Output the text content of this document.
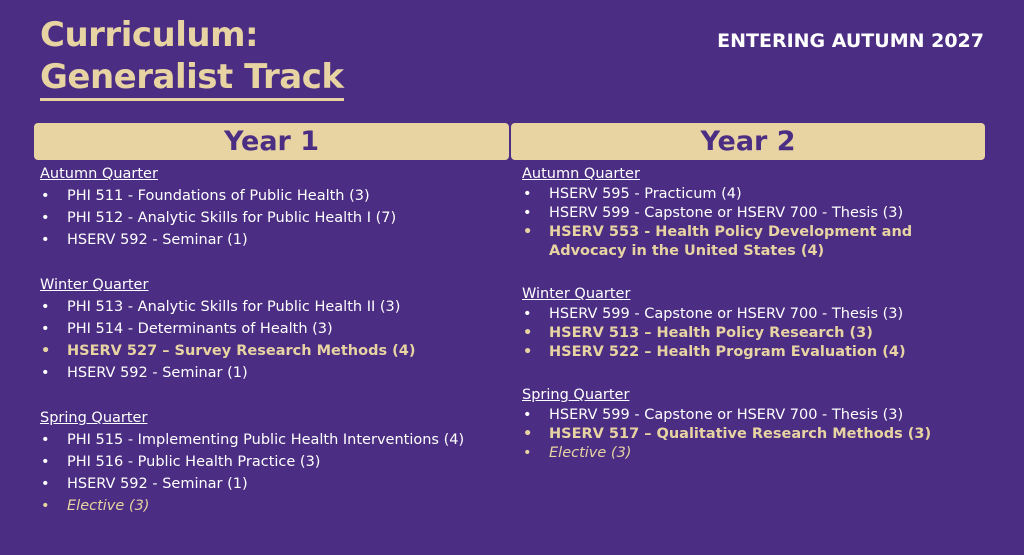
Curriculum:
Generalist Track
ENTERING AUTUMN 2027
Year 1	Year 2
Autumn Quarter
• PHI 511 - Foundations of Public Health (3)
• PHI 512 - Analytic Skills for Public Health I (7)
• HSERV 592 - Seminar (1)
Winter Quarter
• PHI 513 - Analytic Skills for Public Health II (3)
• PHI 514 - Determinants of Health (3)
• HSERV 527 – Survey Research Methods (4)
• HSERV 592 - Seminar (1)
Spring Quarter
• PHI 515 - Implementing Public Health Interventions (4)
• PHI 516 - Public Health Practice (3)
• HSERV 592 - Seminar (1)
• Elective (3)
Autumn Quarter
• HSERV 595 - Practicum (4)
• HSERV 599 - Capstone or HSERV 700 - Thesis (3)
• HSERV 553 - Health Policy Development and Advocacy in the United States (4)
Winter Quarter
• HSERV 599 - Capstone or HSERV 700 - Thesis (3)
• HSERV 513 – Health Policy Research (3)
• HSERV 522 – Health Program Evaluation (4)
Spring Quarter
• HSERV 599 - Capstone or HSERV 700 - Thesis (3)
• HSERV 517 – Qualitative Research Methods (3)
• Elective (3)
